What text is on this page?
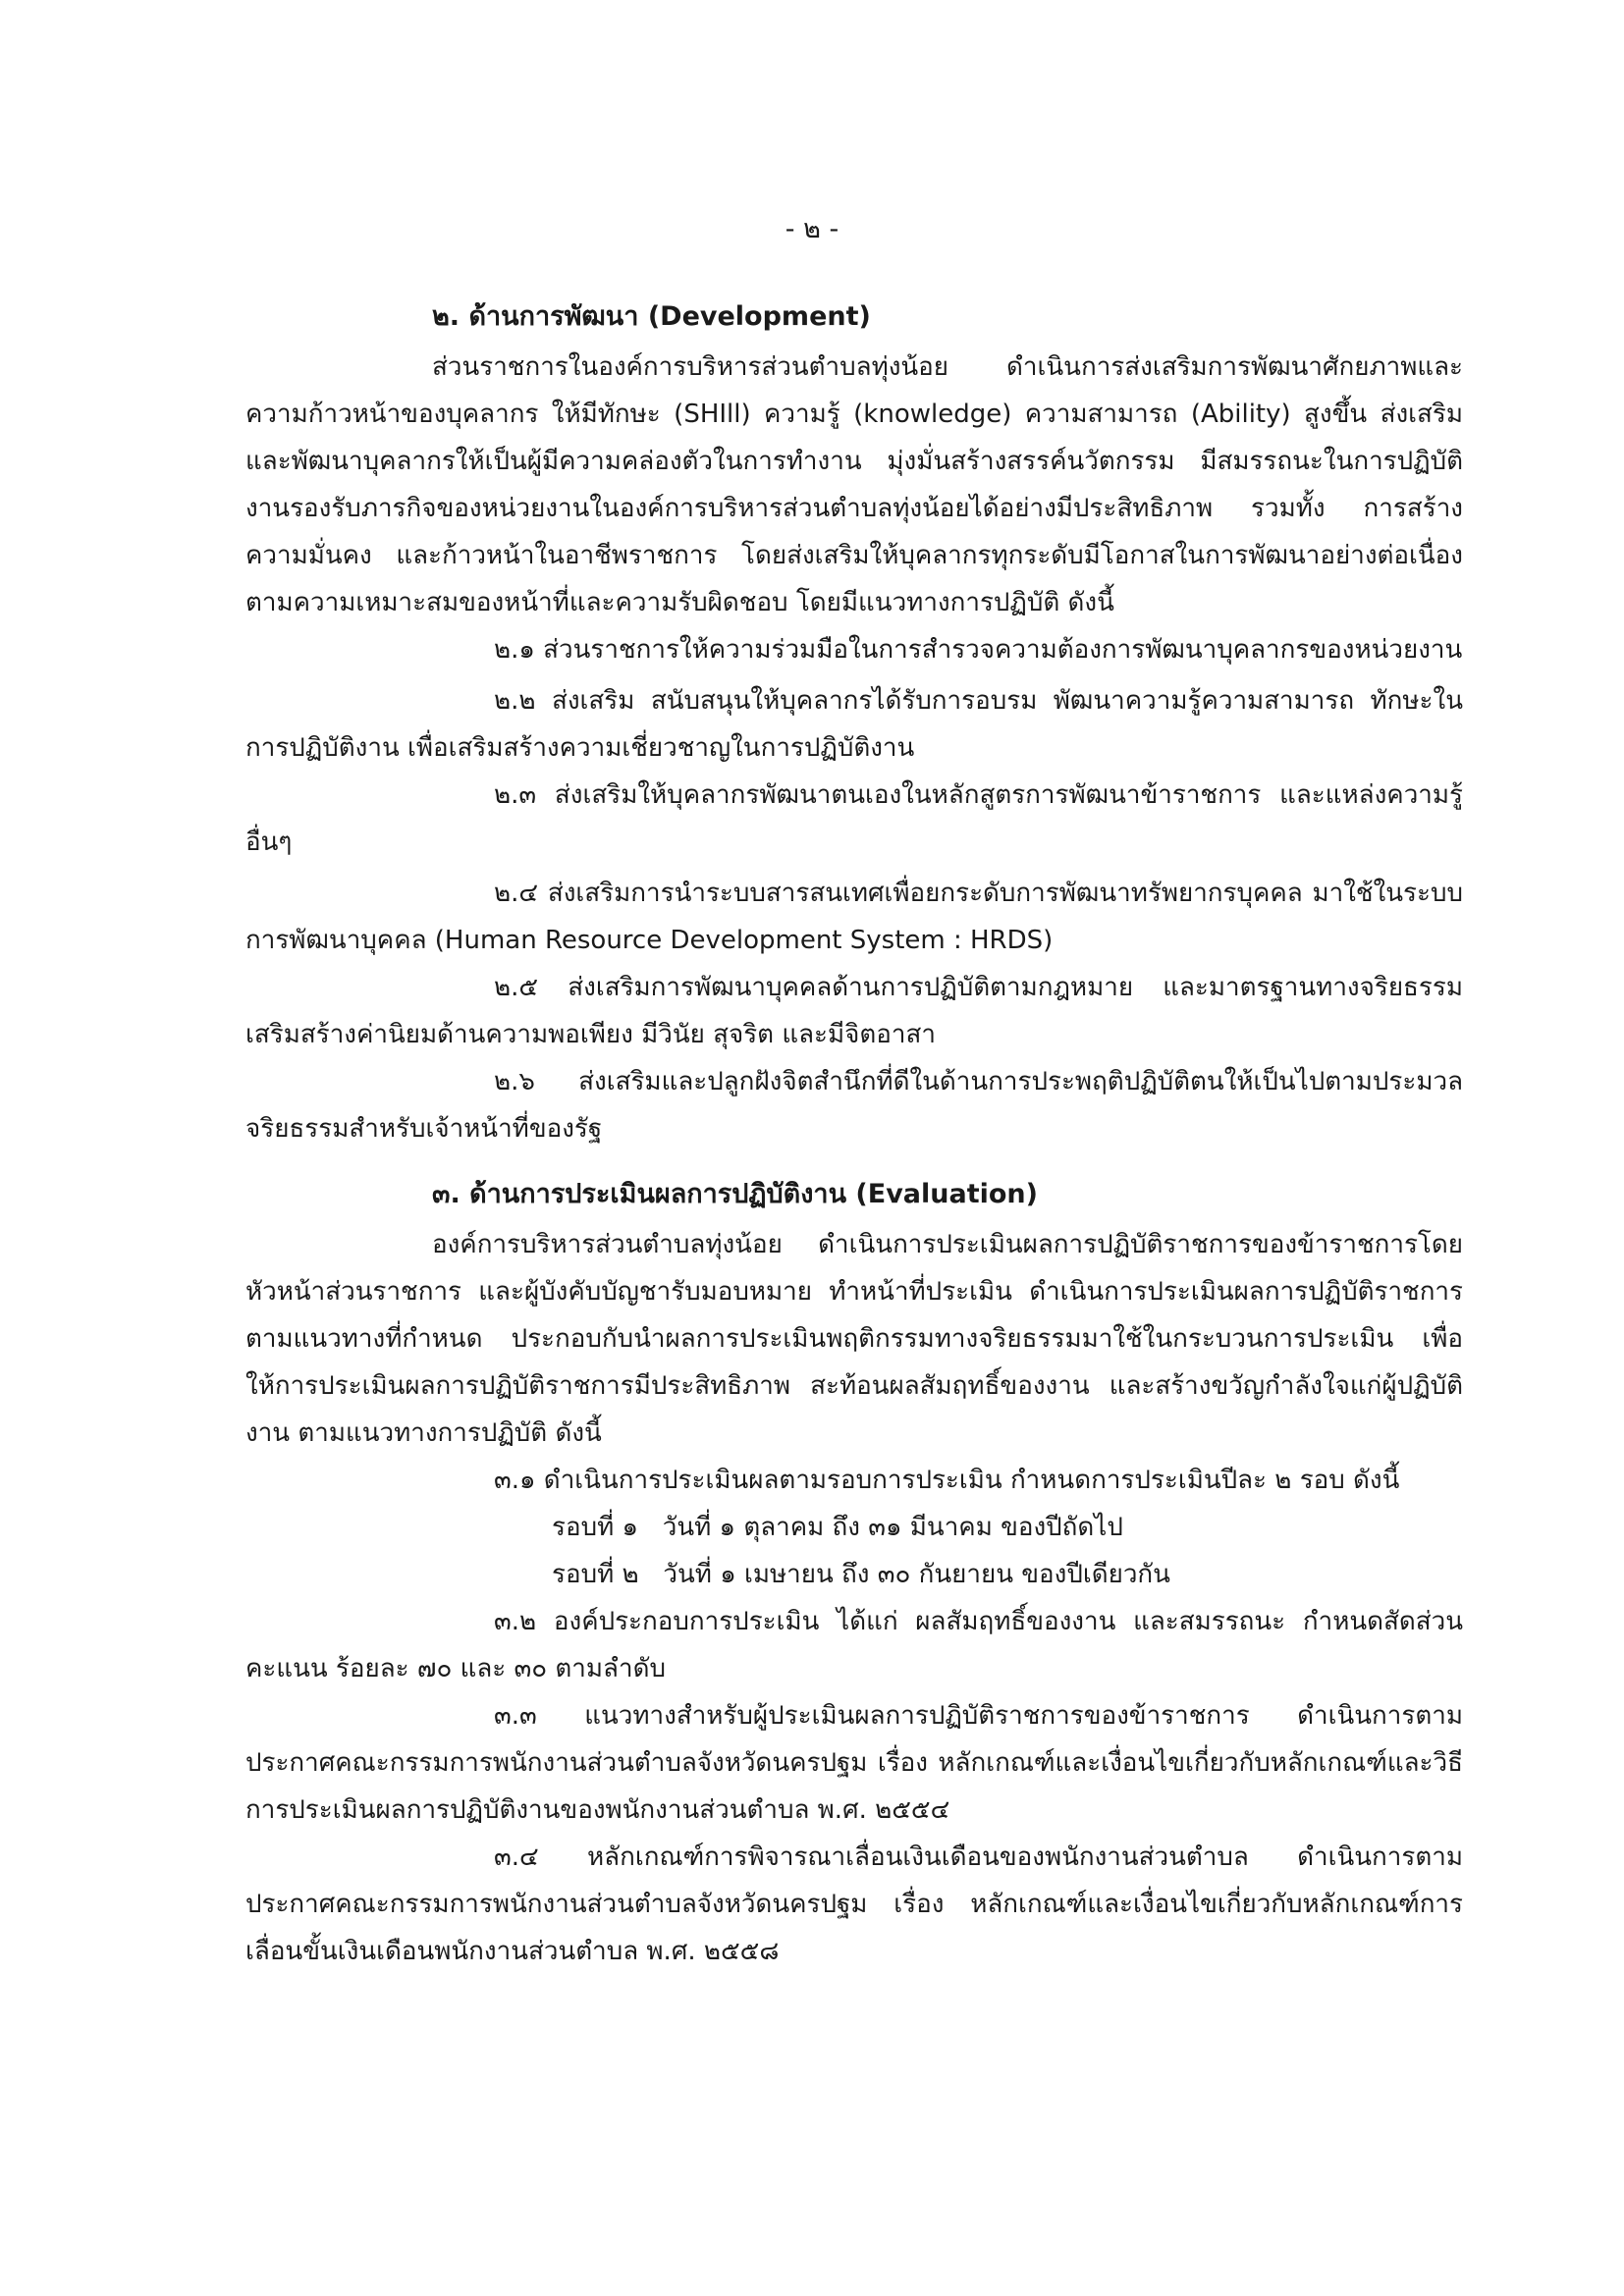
- ๒ -

๒. ด้านการพัฒนา (Development)

ส่วนราชการในองค์การบริหารส่วนตำบลทุ่งน้อย ดำเนินการส่งเสริมการพัฒนาศักยภาพและความก้าวหน้าของบุคลากร ให้มีทักษะ (SHIll) ความรู้ (knowledge) ความสามารถ (Ability) สูงขึ้น ส่งเสริม และพัฒนาบุคลากรให้เป็นผู้มีความคล่องตัวในการทำงาน มุ่งมั่นสร้างสรรค์นวัตกรรม มีสมรรถนะในการปฏิบัติงานรองรับภารกิจของหน่วยงานในองค์การบริหารส่วนตำบลทุ่งน้อยได้อย่างมีประสิทธิภาพ รวมทั้ง การสร้างความมั่นคง และก้าวหน้าในอาชีพราชการ โดยส่งเสริมให้บุคลากรทุกระดับมีโอกาสในการพัฒนาอย่างต่อเนื่อง ตามความเหมาะสมของหน้าที่และความรับผิดชอบ โดยมีแนวทางการปฏิบัติ ดังนี้

๒.๑ ส่วนราชการให้ความร่วมมือในการสำรวจความต้องการพัฒนาบุคลากรของหน่วยงาน

๒.๒ ส่งเสริม สนับสนุนให้บุคลากรได้รับการอบรม พัฒนาความรู้ความสามารถ ทักษะในการปฏิบัติงาน เพื่อเสริมสร้างความเชี่ยวชาญในการปฏิบัติงาน

๒.๓ ส่งเสริมให้บุคลากรพัฒนาตนเองในหลักสูตรการพัฒนาข้าราชการ และแหล่งความรู้อื่นๆ

๒.๔ ส่งเสริมการนำระบบสารสนเทศเพื่อยกระดับการพัฒนาทรัพยากรบุคคล มาใช้ในระบบการพัฒนาบุคคล (Human Resource Development System : HRDS)

๒.๕ ส่งเสริมการพัฒนาบุคคลด้านการปฏิบัติตามกฎหมาย และมาตรฐานทางจริยธรรม เสริมสร้างค่านิยมด้านความพอเพียง มีวินัย สุจริต และมีจิตอาสา

๒.๖ ส่งเสริมและปลูกฝังจิตสำนึกที่ดีในด้านการประพฤติปฏิบัติตนให้เป็นไปตามประมวลจริยธรรมสำหรับเจ้าหน้าที่ของรัฐ

๓. ด้านการประเมินผลการปฏิบัติงาน (Evaluation)

องค์การบริหารส่วนตำบลทุ่งน้อย ดำเนินการประเมินผลการปฏิบัติราชการของข้าราชการโดยหัวหน้าส่วนราชการ และผู้บังคับบัญชารับมอบหมาย ทำหน้าที่ประเมิน ดำเนินการประเมินผลการปฏิบัติราชการตามแนวทางที่กำหนด ประกอบกับนำผลการประเมินพฤติกรรมทางจริยธรรมมาใช้ในกระบวนการประเมิน เพื่อให้การประเมินผลการปฏิบัติราชการมีประสิทธิภาพ สะท้อนผลสัมฤทธิ์ของงาน และสร้างขวัญกำลังใจแก่ผู้ปฏิบัติงาน ตามแนวทางการปฏิบัติ ดังนี้

๓.๑ ดำเนินการประเมินผลตามรอบการประเมิน กำหนดการประเมินปีละ ๒ รอบ ดังนี้

รอบที่ ๑   วันที่ ๑ ตุลาคม ถึง ๓๑ มีนาคม ของปีถัดไป

รอบที่ ๒   วันที่ ๑ เมษายน ถึง ๓๐ กันยายน ของปีเดียวกัน

๓.๒ องค์ประกอบการประเมิน ได้แก่ ผลสัมฤทธิ์ของงาน และสมรรถนะ กำหนดสัดส่วนคะแนน ร้อยละ ๗๐ และ ๓๐ ตามลำดับ

๓.๓ แนวทางสำหรับผู้ประเมินผลการปฏิบัติราชการของข้าราชการ ดำเนินการตามประกาศคณะกรรมการพนักงานส่วนตำบลจังหวัดนครปฐม เรื่อง หลักเกณฑ์และเงื่อนไขเกี่ยวกับหลักเกณฑ์และวิธีการประเมินผลการปฏิบัติงานของพนักงานส่วนตำบล พ.ศ. ๒๕๕๔

๓.๔ หลักเกณฑ์การพิจารณาเลื่อนเงินเดือนของพนักงานส่วนตำบล ดำเนินการตามประกาศคณะกรรมการพนักงานส่วนตำบลจังหวัดนครปฐม เรื่อง หลักเกณฑ์และเงื่อนไขเกี่ยวกับหลักเกณฑ์การเลื่อนขั้นเงินเดือนพนักงานส่วนตำบล พ.ศ. ๒๕๕๘
